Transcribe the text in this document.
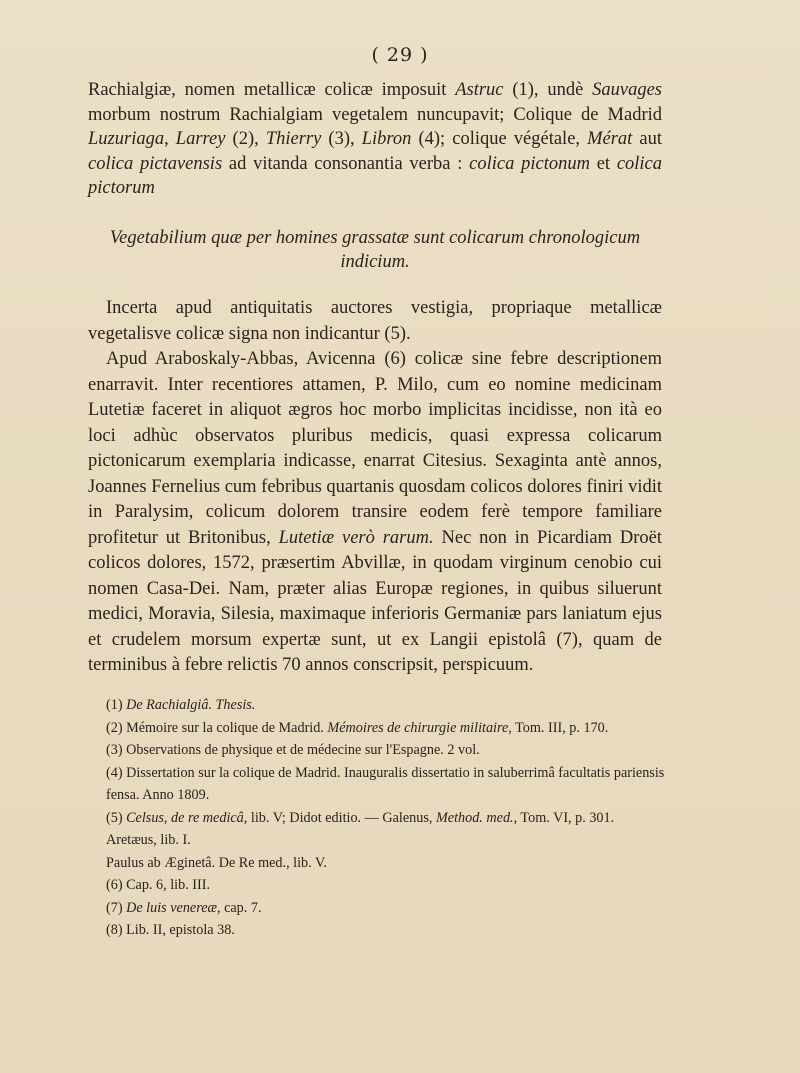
( 29 )

Rachialgiæ, nomen metallicæ colicæ imposuit Astruc (1), undè Sauvages morbum nostrum Rachialgiam vegetalem nuncupavit; Colique de Madrid Luzuriaga, Larrey (2), Thierry (3), Libron (4); colique végétale, Mérat aut colica pictavensis ad vitanda consonantia verba : colica pictonum et colica pictorum

Vegetabilium quæ per homines grassatæ sunt colicarum chronologicum indicium.

Incerta apud antiquitatis auctores vestigia, propriaque metallicæ vegetalisve colicæ signa non indicantur (5).

Apud Araboskaly-Abbas, Avicenna (6) colicæ sine febre descriptionem enarravit. Inter recentiores attamen, P. Milo, cum eo nomine medicinam Lutetiæ faceret in aliquot ægros hoc morbo implicitas incidisse, non ità eo loci adhùc observatos pluribus medicis, quasi expressa colicarum pictonicarum exemplaria indicasse, enarrat Citesius. Sexaginta antè annos, Joannes Fernelius cum febribus quartanis quosdam colicos dolores finiri vidit in Paralysim, colicum dolorem transire eodem ferè tempore familiare profitetur ut Britonibus, Lutetiæ verò rarum. Nec non in Picardiam Droët colicos dolores, 1572, præsertim Abvillæ, in quodam virginum cenobio cui nomen Casa-Dei. Nam, præter alias Europæ regiones, in quibus siluerunt medici, Moravia, Silesia, maximaque inferioris Germaniæ pars laniatum ejus et crudelem morsum expertæ sunt, ut ex Langii epistolâ (7), quam de terminibus à febre relictis 70 annos conscripsit, perspicuum.

(1) De Rachialgiâ. Thesis.

(2) Mémoire sur la colique de Madrid. Mémoires de chirurgie militaire, Tom. III, p. 170.

(3) Observations de physique et de médecine sur l'Espagne. 2 vol.

(4) Dissertation sur la colique de Madrid. Inauguralis dissertatio in saluberrimâ facultatis pariensis fensa. Anno 1809.

(5) Celsus, de re medicâ, lib. V; Didot editio. — Galenus, Method. med., Tom. VI, p. 301. Aretæus, lib. I.

Paulus ab Æginetâ. De Re med., lib. V.

(6) Cap. 6, lib. III.

(7) De luis venereæ, cap. 7.

(8) Lib. II, epistola 38.
